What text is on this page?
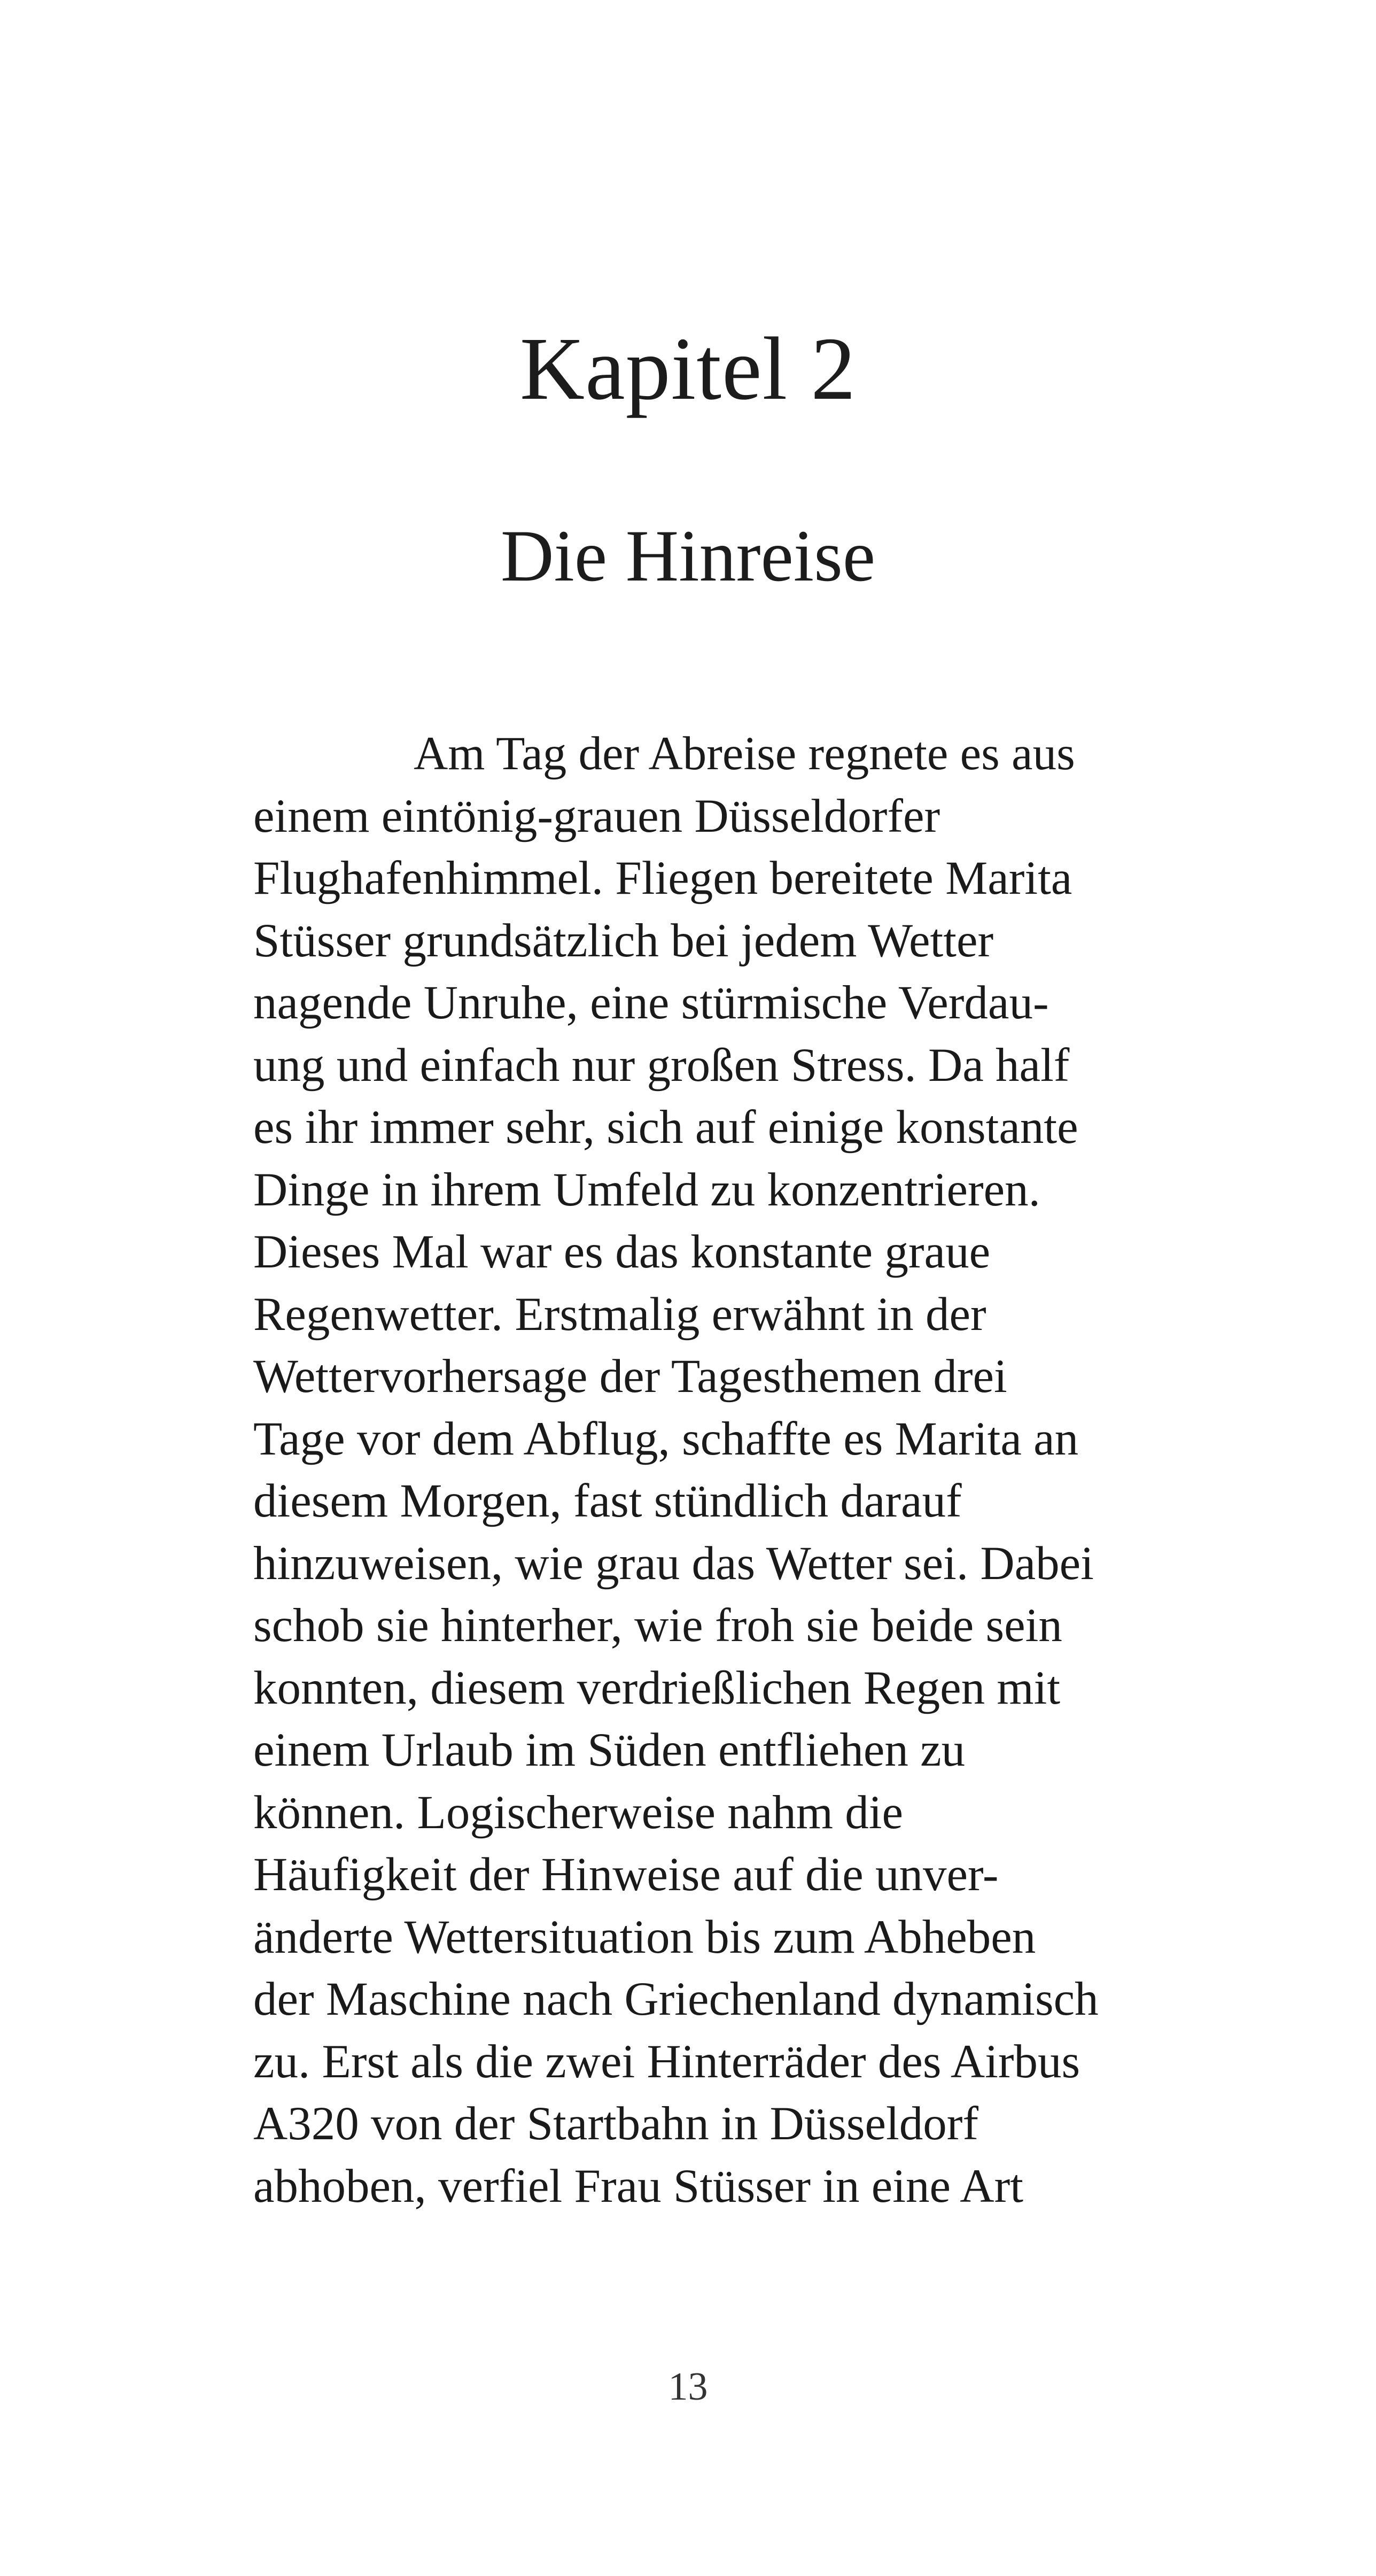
Kapitel 2
Die Hinreise
Am Tag der Abreise regnete es aus
einem eintönig-grauen Düsseldorfer
Flughafenhimmel. Fliegen bereitete Marita
Stüsser grundsätzlich bei jedem Wetter
nagende Unruhe, eine stürmische Verdau-
ung und einfach nur großen Stress. Da half
es ihr immer sehr, sich auf einige konstante
Dinge in ihrem Umfeld zu konzentrieren.
Dieses Mal war es das konstante graue
Regenwetter. Erstmalig erwähnt in der
Wettervorhersage der Tagesthemen drei
Tage vor dem Abflug, schaffte es Marita an
diesem Morgen, fast stündlich darauf
hinzuweisen, wie grau das Wetter sei. Dabei
schob sie hinterher, wie froh sie beide sein
konnten, diesem verdrießlichen Regen mit
einem Urlaub im Süden entfliehen zu
können. Logischerweise nahm die
Häufigkeit der Hinweise auf die unver-
änderte Wettersituation bis zum Abheben
der Maschine nach Griechenland dynamisch
zu. Erst als die zwei Hinterräder des Airbus
A320 von der Startbahn in Düsseldorf
abhoben, verfiel Frau Stüsser in eine Art
13
